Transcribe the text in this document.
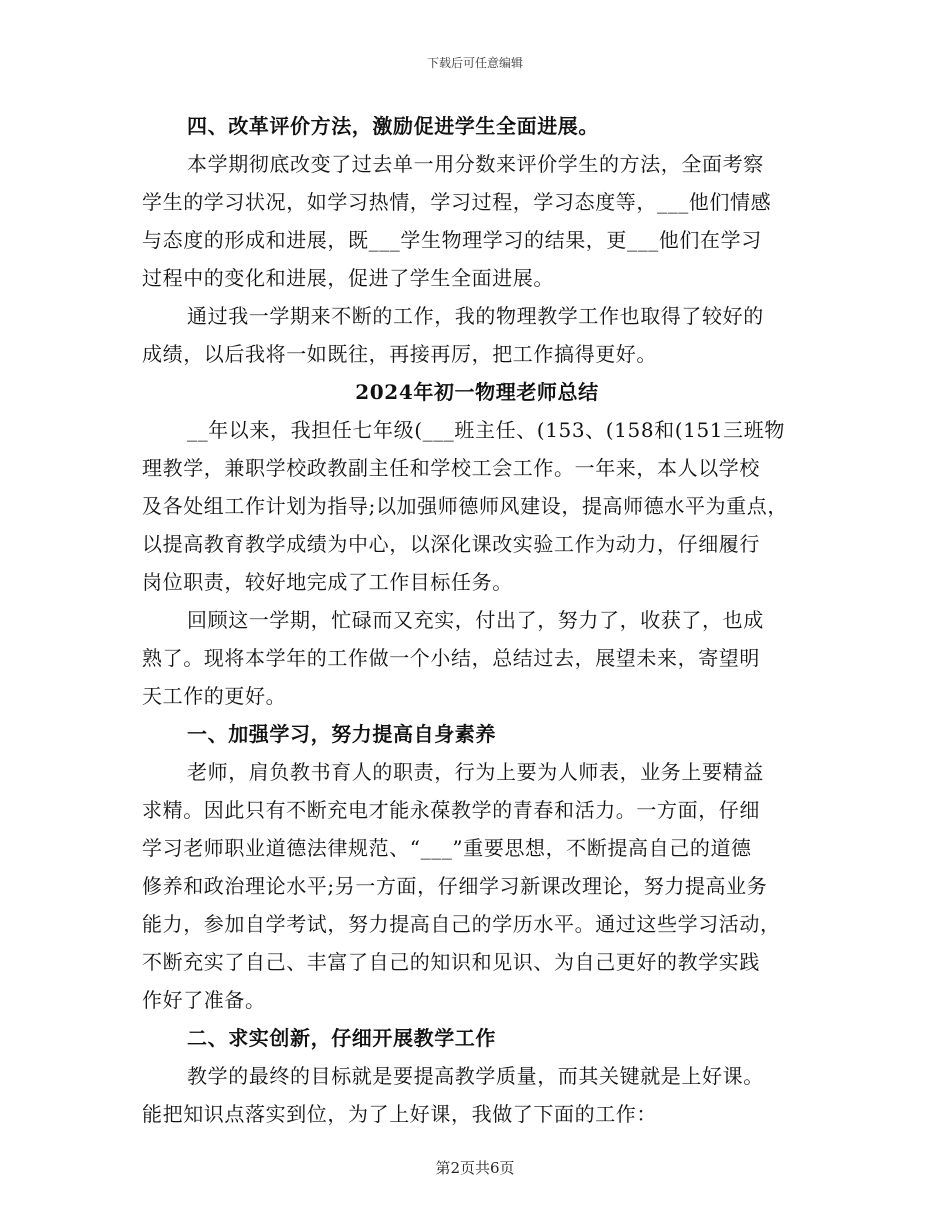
下载后可任意编辑
四、改革评价方法，激励促进学生全面进展。
本学期彻底改变了过去单一用分数来评价学生的方法，全面考察
学生的学习状况，如学习热情，学习过程，学习态度等，___他们情感
与态度的形成和进展，既___学生物理学习的结果，更___他们在学习
过程中的变化和进展，促进了学生全面进展。
通过我一学期来不断的工作，我的物理教学工作也取得了较好的
成绩，以后我将一如既往，再接再厉，把工作搞得更好。
2024年初一物理老师总结
__年以来，我担任七年级(___班主任、(153、(158和(151三班物
理教学，兼职学校政教副主任和学校工会工作。一年来，本人以学校
及各处组工作计划为指导;以加强师德师风建设，提高师德水平为重点，
以提高教育教学成绩为中心，以深化课改实验工作为动力，仔细履行
岗位职责，较好地完成了工作目标任务。
回顾这一学期，忙碌而又充实，付出了，努力了，收获了，也成
熟了。现将本学年的工作做一个小结，总结过去，展望未来，寄望明
天工作的更好。
一、加强学习，努力提高自身素养
老师，肩负教书育人的职责，行为上要为人师表，业务上要精益
求精。因此只有不断充电才能永葆教学的青春和活力。一方面，仔细
学习老师职业道德法律规范、“___”重要思想，不断提高自己的道德
修养和政治理论水平;另一方面，仔细学习新课改理论，努力提高业务
能力，参加自学考试，努力提高自己的学历水平。通过这些学习活动，
不断充实了自己、丰富了自己的知识和见识、为自己更好的教学实践
作好了准备。
二、求实创新，仔细开展教学工作
教学的最终的目标就是要提高教学质量，而其关键就是上好课。
能把知识点落实到位，为了上好课，我做了下面的工作：
第2页共6页
